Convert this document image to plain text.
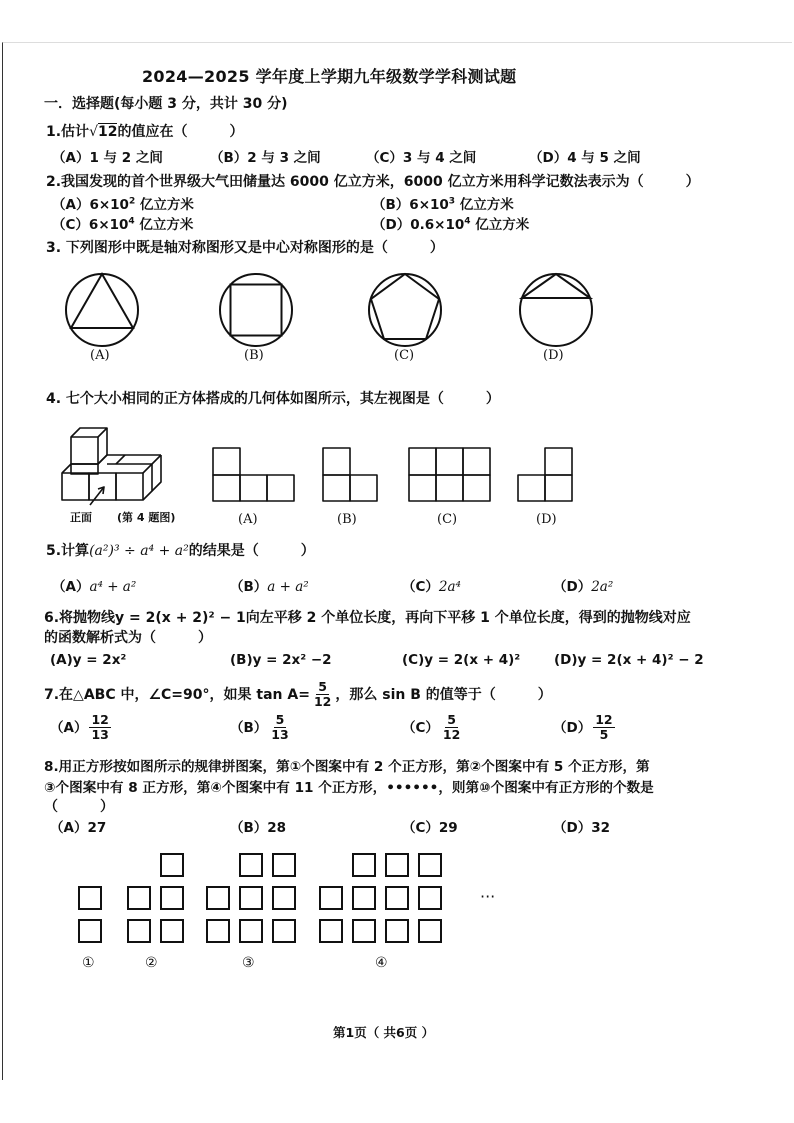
2024—2025 学年度上学期九年级数学学科测试题
一．选择题(每小题 3 分，共计 30 分)
1.估计√12的值应在（　　　）
（A）1 与 2 之间	（B）2 与 3 之间	（C）3 与 4 之间	（D）4 与 5 之间
2.我国发现的首个世界级大气田储量达 6000 亿立方米，6000 亿立方米用科学记数法表示为（　　　）
$(A)6\times 10^2$ 亿立方米	$(B)6\times 10^3$ 亿立方米
$(C)6\times 10^4$ 亿立方米	$(D)0.6\times 10^4$ 亿立方米
3. 下列图形中既是轴对称图形又是中心对称图形的是（　　　）
(A)	(B)	(C)	(D)
4. 七个大小相同的正方体搭成的几何体如图所示，其左视图是（　　　）
正面 (第 4 题图)	(A)	(B)	(C)	(D)
5.计算(a²)³ ÷ a⁴ + a²的结果是（　　　）
（A）a⁴ + a²	（B）a + a²	（C）2a⁴	（D）2a²
6.将抛物线y = 2(x + 2)² − 1向左平移 2 个单位长度，再向下平移 1 个单位长度，得到的抛物线对应
的函数解析式为（　　　）
(A)y = 2x²	(B)y = 2x² −2	(C)y = 2(x + 4)²	(D)y = 2(x + 4)² − 2
7.在△ABC 中，∠C=90°，如果 $\tan A= \frac{5}{12}$ ，那么 sin B 的值等于（　　　）
$(A) \frac{12}{13}$	$(B) \frac{5}{13}$	$(C) \frac{5}{12}$	$(D) \frac{12}{5}$
8.用正方形按如图所示的规律拼图案，第①个图案中有 2 个正方形，第②个图案中有 5 个正方形，第
③个图案中有 8 正方形，第④个图案中有 11 个正方形，••••••，则第⑩个图案中有正方形的个数是
（　　　）
（A）27	（B）28	（C）29	（D）32
···
①	②	③	④
第1页（ 共6页 ）
